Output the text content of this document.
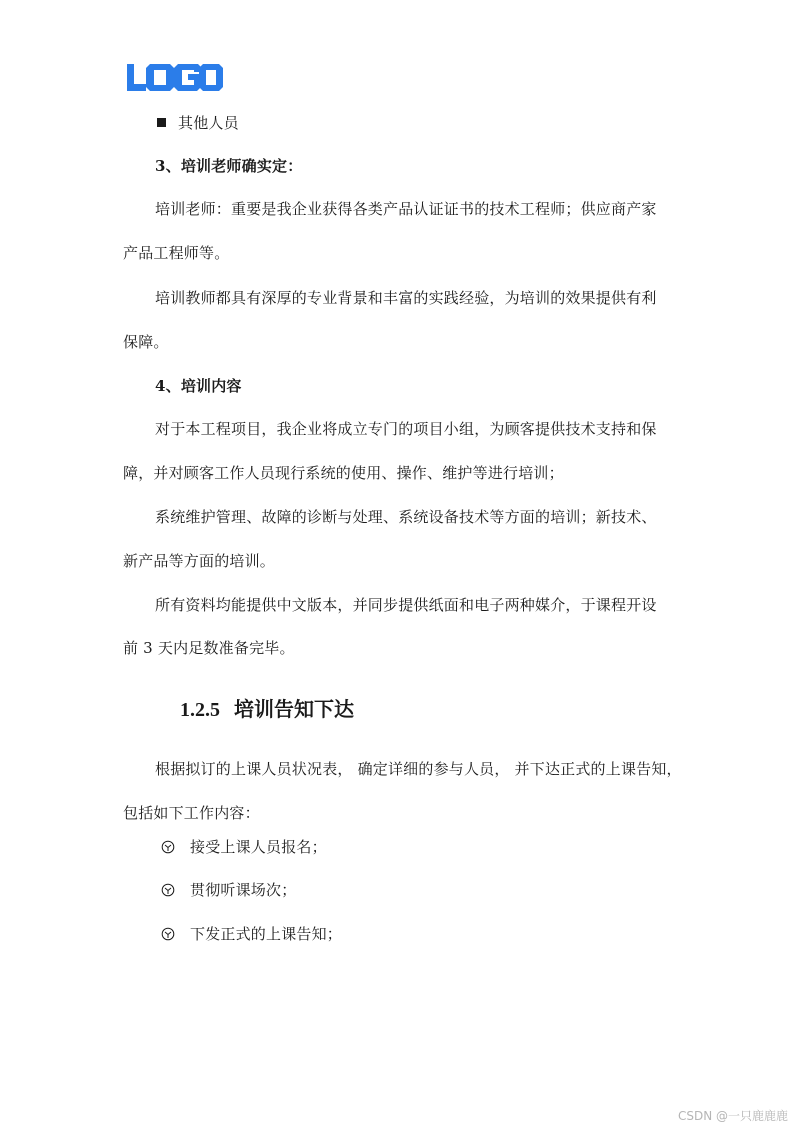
其他人员
3、培训老师确实定：
培训老师：重要是我企业获得各类产品认证证书的技术工程师；供应商产家
产品工程师等。
培训教师都具有深厚的专业背景和丰富的实践经验，为培训的效果提供有利
保障。
4、培训内容
对于本工程项目，我企业将成立专门的项目小组，为顾客提供技术支持和保
障，并对顾客工作人员现行系统的使用、操作、维护等进行培训；
系统维护管理、故障的诊断与处理、系统设备技术等方面的培训；新技术、
新产品等方面的培训。
所有资料均能提供中文版本，并同步提供纸面和电子两种媒介，于课程开设
前 3 天内足数准备完毕。
1.2.5 培训告知下达
根据拟订的上课人员状况表， 确定详细的参与人员， 并下达正式的上课告知，
包括如下工作内容：
接受上课人员报名；
贯彻听课场次；
下发正式的上课告知；
CSDN @一只鹿鹿鹿
